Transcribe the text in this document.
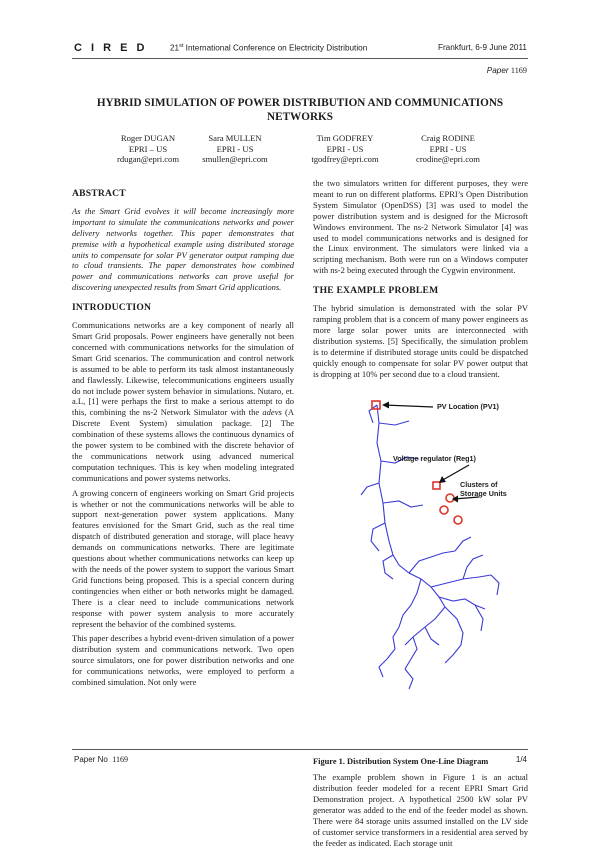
C I R E D	21st International Conference on Electricity Distribution	Frankfurt, 6-9 June 2011
Paper 1169
HYBRID SIMULATION OF POWER DISTRIBUTION AND COMMUNICATIONS NETWORKS
Roger DUGAN
EPRI – US
rdugan@epri.com
Sara MULLEN
EPRI - US
smullen@epri.com
Tim GODFREY
EPRI - US
tgodfrey@epri.com
Craig RODINE
EPRI - US
crodine@epri.com
ABSTRACT

As the Smart Grid evolves it will become increasingly more important to simulate the communications networks and power delivery networks together. This paper demonstrates that premise with a hypothetical example using distributed storage units to compensate for solar PV generator output ramping due to cloud transients. The paper demonstrates how combined power and communications networks can prove useful for discovering unexpected results from Smart Grid applications.

INTRODUCTION

Communications networks are a key component of nearly all Smart Grid proposals. Power engineers have generally not been concerned with communications networks for the simulation of Smart Grid scenarios. The communication and control network is assumed to be able to perform its task almost instantaneously and flawlessly. Likewise, telecommunications engineers usually do not include power system behavior in simulations. Nutaro, et. a.L, [1] were perhaps the first to make a serious attempt to do this, combining the ns-2 Network Simulator with the adevs (A Discrete Event System) simulation package. [2] The combination of these systems allows the continuous dynamics of the power system to be combined with the discrete behavior of the communications network using advanced numerical computation techniques. This is key when modeling integrated communications and power systems networks.

A growing concern of engineers working on Smart Grid projects is whether or not the communications networks will be able to support next-generation power system applications. Many features envisioned for the Smart Grid, such as the real time dispatch of distributed generation and storage, will place heavy demands on communications networks. There are legitimate questions about whether communications networks can keep up with the needs of the power system to support the various Smart Grid functions being proposed. This is a special concern during contingencies when either or both networks might be damaged. There is a clear need to include communications network response with power system analysis to more accurately represent the behavior of the combined systems.

This paper describes a hybrid event-driven simulation of a power distribution system and communications network. Two open source simulators, one for power distribution networks and one for communications networks, were employed to perform a combined simulation. Not only were

the two simulators written for different purposes, they were meant to run on different platforms. EPRI’s Open Distribution System Simulator (OpenDSS) [3] was used to model the power distribution system and is designed for the Microsoft Windows environment. The ns-2 Network Simulator [4] was used to model communications networks and is designed for the Linux environment. The simulators were linked via a scripting mechanism. Both were run on a Windows computer with ns-2 being executed through the Cygwin environment.

THE EXAMPLE PROBLEM

The hybrid simulation is demonstrated with the solar PV ramping problem that is a concern of many power engineers as more large solar power units are interconnected with distribution systems. [5] Specifically, the simulation problem is to determine if distributed storage units could be dispatched quickly enough to compensate for solar PV power output that is dropping at 10% per second due to a cloud transient.

PV Location (PV1)
Voltage regulator (Reg1)
Clusters of
Storage Units

Figure 1. Distribution System One-Line Diagram

The example problem shown in Figure 1 is an actual distribution feeder modeled for a recent EPRI Smart Grid Demonstration project. A hypothetical 2500 kW solar PV generator was added to the end of the feeder model as shown. There were 84 storage units assumed installed on the LV side of customer service transformers in a residential area served by the feeder as indicated. Each storage unit

Paper No 1169	1/4
